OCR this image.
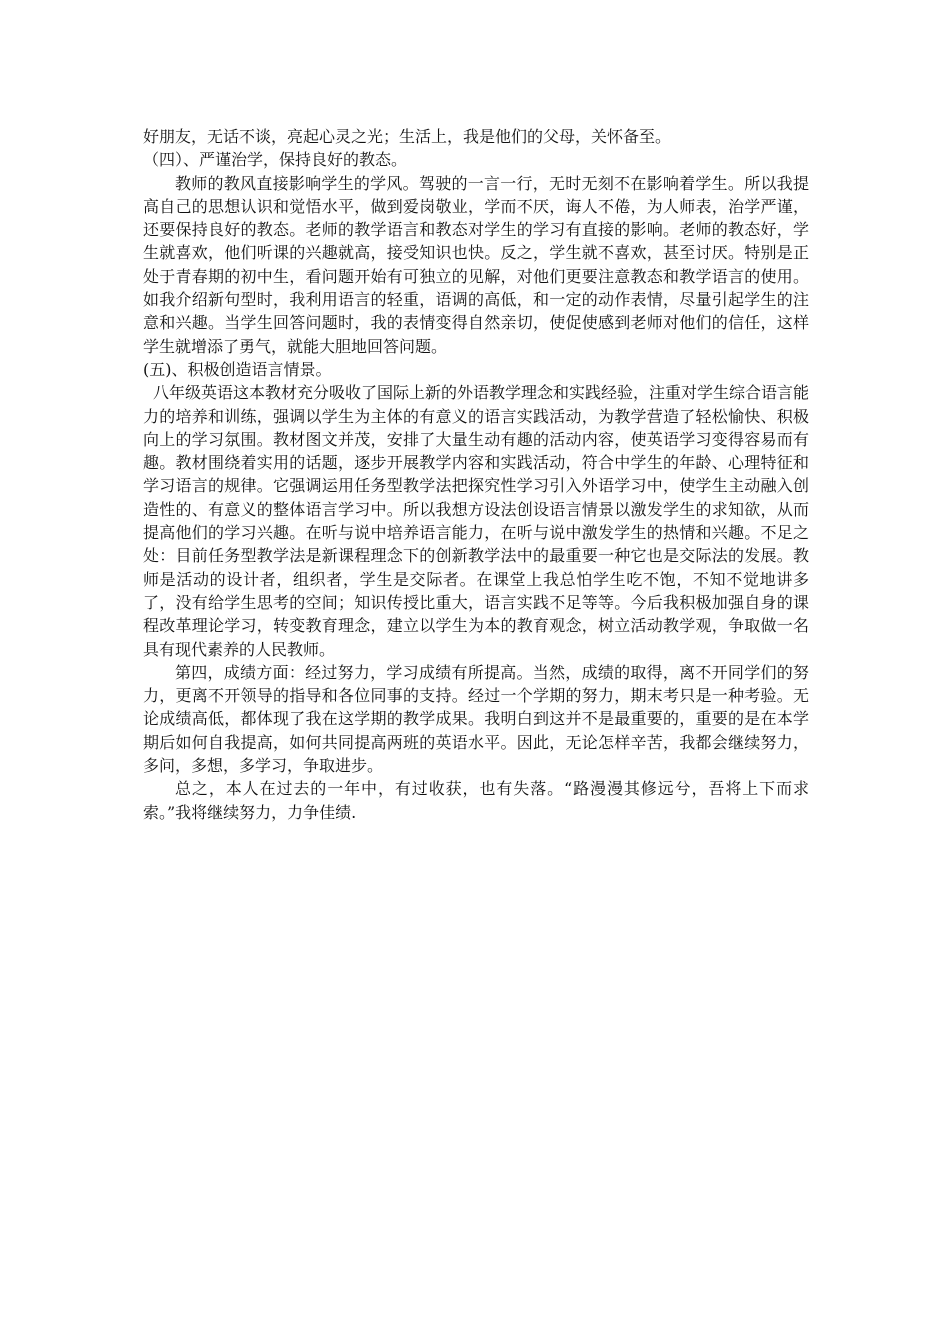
好朋友，无话不谈，亮起心灵之光；生活上，我是他们的父母，关怀备至。

（四）、严谨治学，保持良好的教态。

教师的教风直接影响学生的学风。驾驶的一言一行，无时无刻不在影响着学生。所以我提高自己的思想认识和觉悟水平，做到爱岗敬业，学而不厌，诲人不倦，为人师表，治学严谨，还要保持良好的教态。老师的教学语言和教态对学生的学习有直接的影响。老师的教态好，学生就喜欢，他们听课的兴趣就高，接受知识也快。反之，学生就不喜欢，甚至讨厌。特别是正处于青春期的初中生，看问题开始有可独立的见解，对他们更要注意教态和教学语言的使用。如我介绍新句型时，我利用语言的轻重，语调的高低，和一定的动作表情，尽量引起学生的注意和兴趣。当学生回答问题时，我的表情变得自然亲切，使促使感到老师对他们的信任，这样学生就增添了勇气，就能大胆地回答问题。

(五)、积极创造语言情景。

八年级英语这本教材充分吸收了国际上新的外语教学理念和实践经验，注重对学生综合语言能力的培养和训练，强调以学生为主体的有意义的语言实践活动，为教学营造了轻松愉快、积极向上的学习氛围。教材图文并茂，安排了大量生动有趣的活动内容，使英语学习变得容易而有趣。教材围绕着实用的话题，逐步开展教学内容和实践活动，符合中学生的年龄、心理特征和学习语言的规律。它强调运用任务型教学法把探究性学习引入外语学习中，使学生主动融入创造性的、有意义的整体语言学习中。所以我想方设法创设语言情景以激发学生的求知欲，从而提高他们的学习兴趣。在听与说中培养语言能力，在听与说中激发学生的热情和兴趣。不足之处：目前任务型教学法是新课程理念下的创新教学法中的最重要一种它也是交际法的发展。教师是活动的设计者，组织者，学生是交际者。在课堂上我总怕学生吃不饱，不知不觉地讲多了，没有给学生思考的空间；知识传授比重大，语言实践不足等等。今后我积极加强自身的课程改革理论学习，转变教育理念，建立以学生为本的教育观念，树立活动教学观，争取做一名具有现代素养的人民教师。

第四，成绩方面：经过努力，学习成绩有所提高。当然，成绩的取得，离不开同学们的努力，更离不开领导的指导和各位同事的支持。经过一个学期的努力，期末考只是一种考验。无论成绩高低，都体现了我在这学期的教学成果。我明白到这并不是最重要的，重要的是在本学期后如何自我提高，如何共同提高两班的英语水平。因此，无论怎样辛苦，我都会继续努力，多问，多想，多学习，争取进步。

总之，本人在过去的一年中，有过收获，也有失落。“路漫漫其修远兮，吾将上下而求索。”我将继续努力，力争佳绩.
